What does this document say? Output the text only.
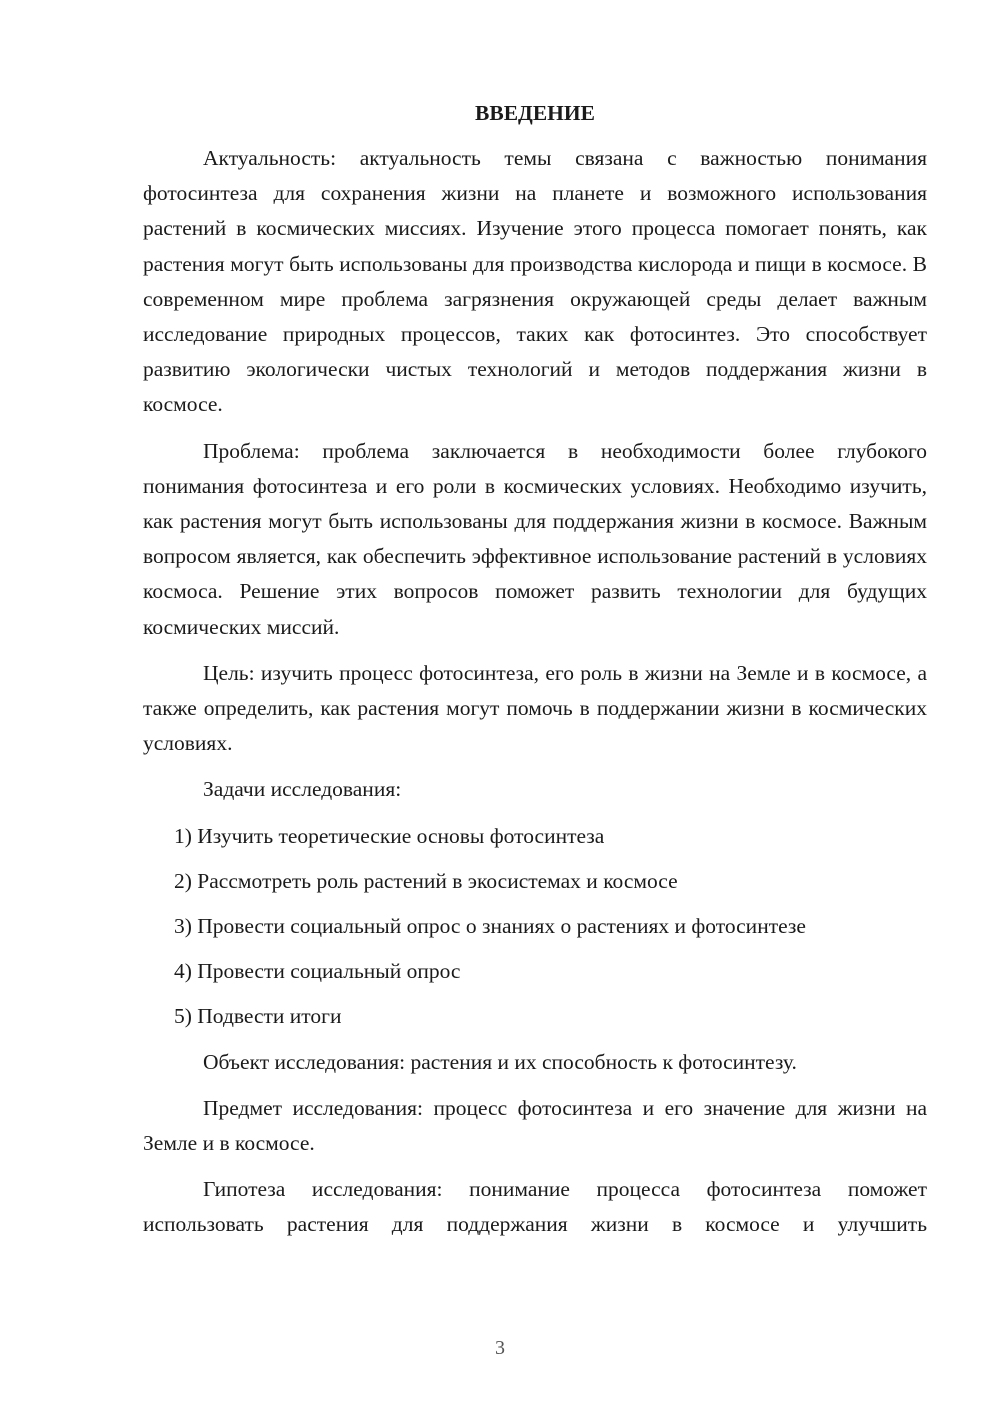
ВВЕДЕНИЕ

Актуальность: актуальность темы связана с важностью понимания фотосинтеза для сохранения жизни на планете и возможного использования растений в космических миссиях. Изучение этого процесса помогает понять, как растения могут быть использованы для производства кислорода и пищи в космосе. В современном мире проблема загрязнения окружающей среды делает важным исследование природных процессов, таких как фотосинтез. Это способствует развитию экологически чистых технологий и методов поддержания жизни в космосе.

Проблема: проблема заключается в необходимости более глубокого понимания фотосинтеза и его роли в космических условиях. Необходимо изучить, как растения могут быть использованы для поддержания жизни в космосе. Важным вопросом является, как обеспечить эффективное использование растений в условиях космоса. Решение этих вопросов поможет развить технологии для будущих космических миссий.

Цель: изучить процесс фотосинтеза, его роль в жизни на Земле и в космосе, а также определить, как растения могут помочь в поддержании жизни в космических условиях.

Задачи исследования:

1) Изучить теоретические основы фотосинтеза
2) Рассмотреть роль растений в экосистемах и космосе
3) Провести социальный опрос о знаниях о растениях и фотосинтезе
4) Провести социальный опрос
5) Подвести итоги

Объект исследования: растения и их способность к фотосинтезу.

Предмет исследования: процесс фотосинтеза и его значение для жизни на Земле и в космосе.

Гипотеза исследования: понимание процесса фотосинтеза поможет использовать растения для поддержания жизни в космосе и улучшить

3
